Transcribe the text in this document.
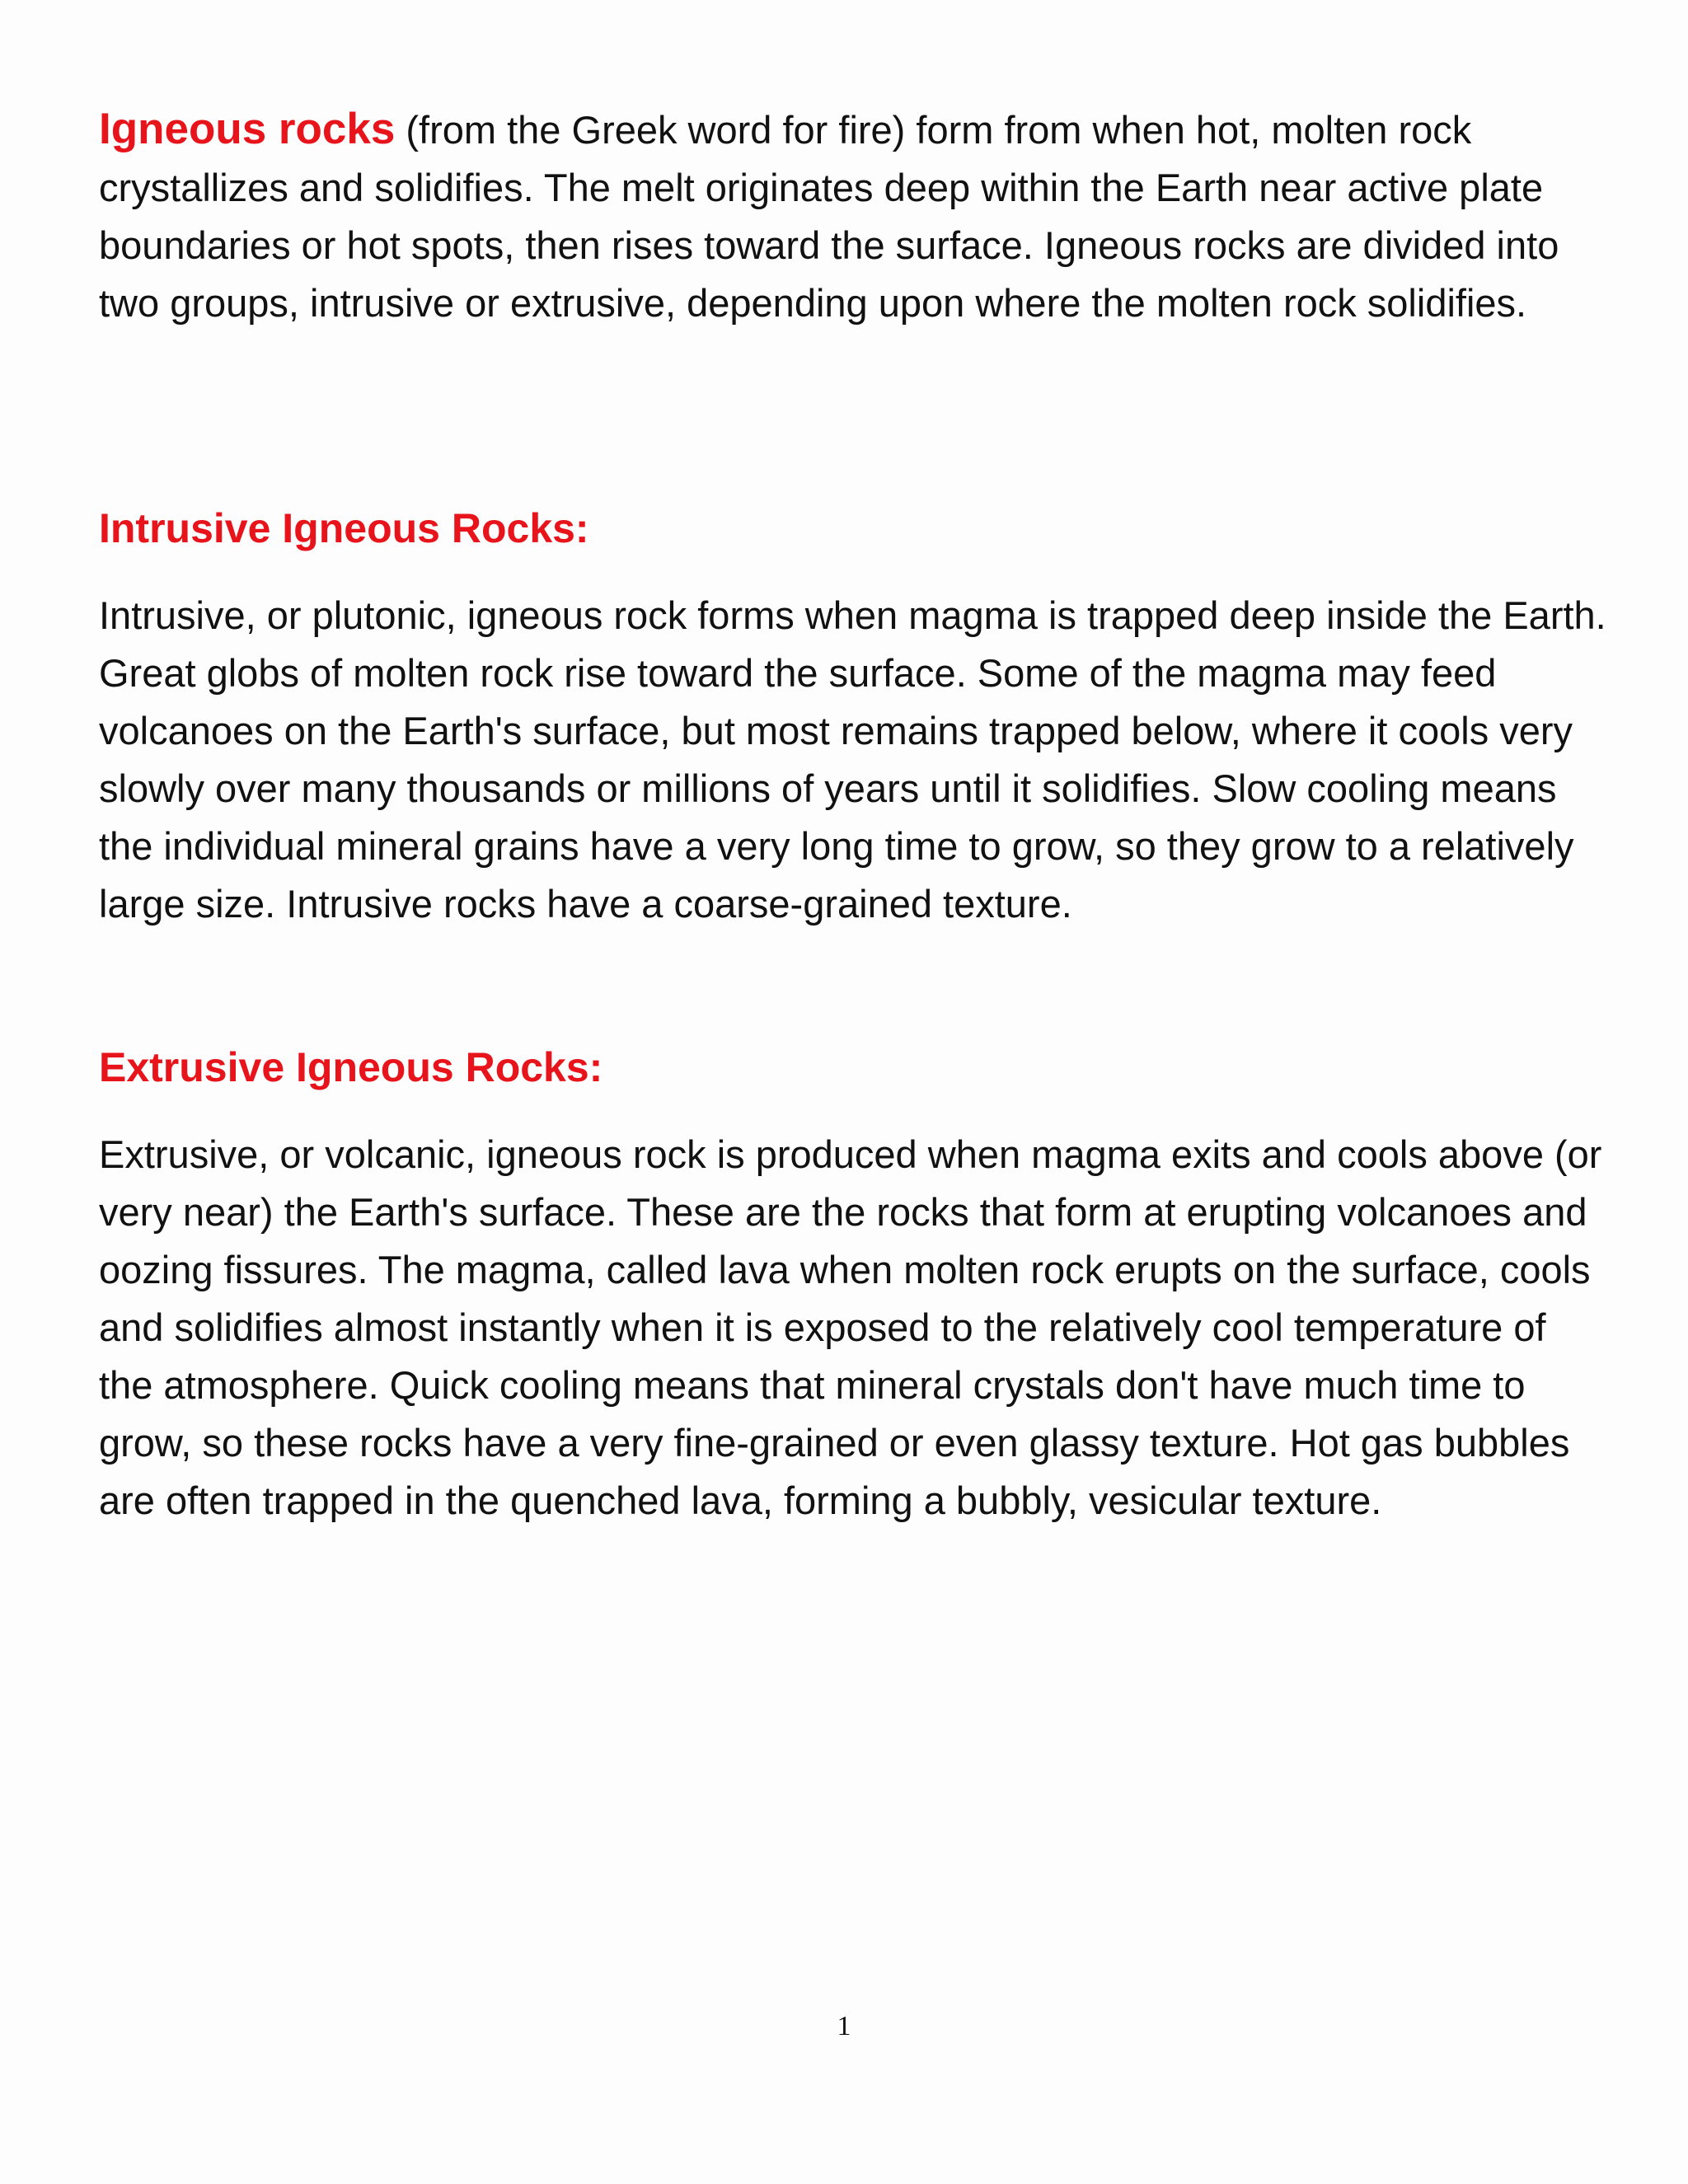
Igneous rocks (from the Greek word for fire) form from when hot, molten rock crystallizes and solidifies. The melt originates deep within the Earth near active plate boundaries or hot spots, then rises toward the surface. Igneous rocks are divided into two groups, intrusive or extrusive, depending upon where the molten rock solidifies.

Intrusive Igneous Rocks:

Intrusive, or plutonic, igneous rock forms when magma is trapped deep inside the Earth. Great globs of molten rock rise toward the surface. Some of the magma may feed volcanoes on the Earth's surface, but most remains trapped below, where it cools very slowly over many thousands or millions of years until it solidifies. Slow cooling means the individual mineral grains have a very long time to grow, so they grow to a relatively large size. Intrusive rocks have a coarse-grained texture.

Extrusive Igneous Rocks:

Extrusive, or volcanic, igneous rock is produced when magma exits and cools above (or very near) the Earth's surface. These are the rocks that form at erupting volcanoes and oozing fissures. The magma, called lava when molten rock erupts on the surface, cools and solidifies almost instantly when it is exposed to the relatively cool temperature of the atmosphere. Quick cooling means that mineral crystals don't have much time to grow, so these rocks have a very fine-grained or even glassy texture. Hot gas bubbles are often trapped in the quenched lava, forming a bubbly, vesicular texture.

1
